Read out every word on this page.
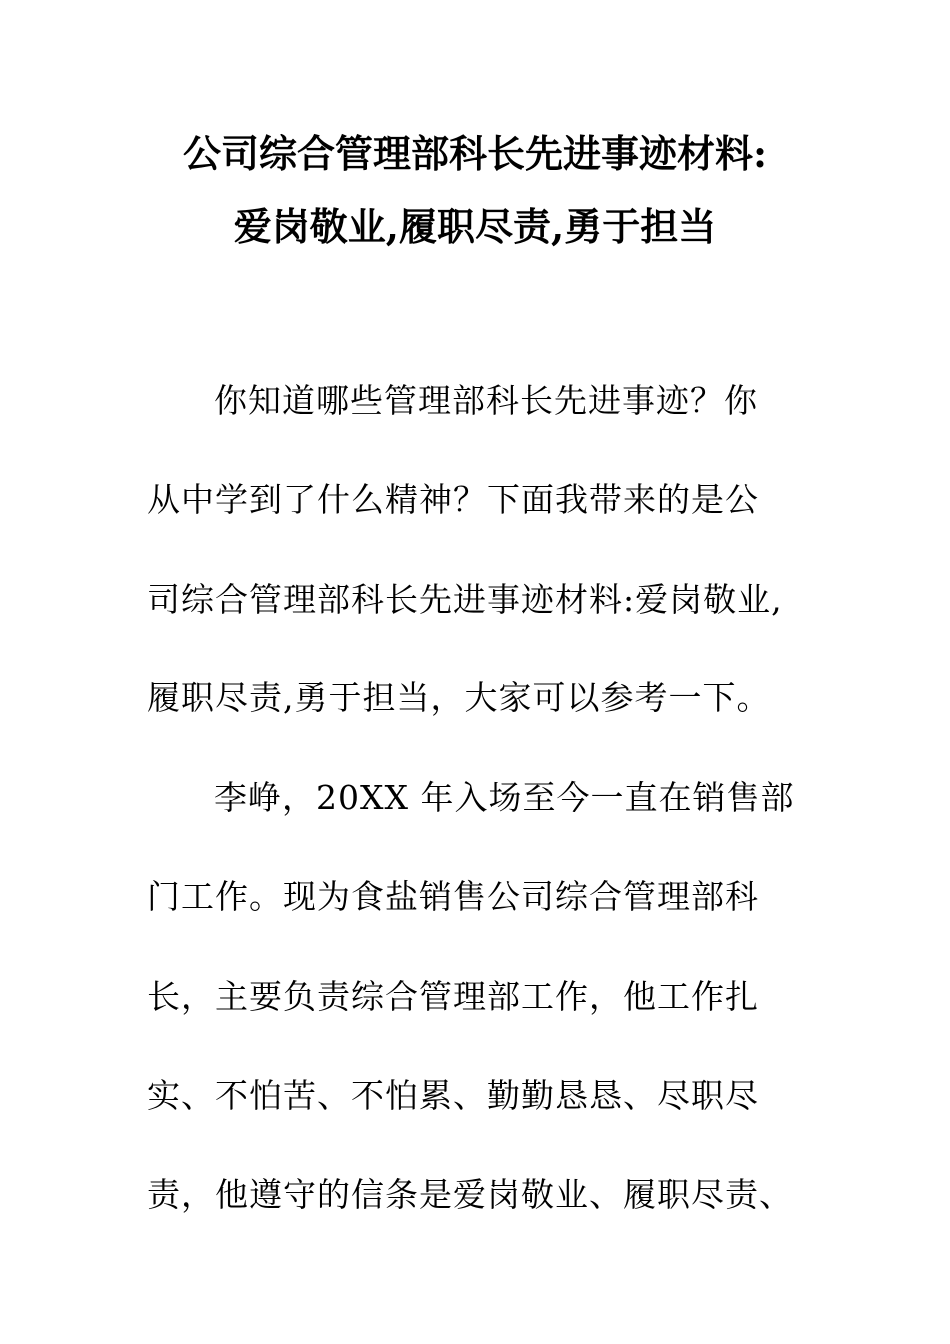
公司综合管理部科长先进事迹材料:
爱岗敬业,履职尽责,勇于担当
你知道哪些管理部科长先进事迹？你
从中学到了什么精神？下面我带来的是公
司综合管理部科长先进事迹材料:爱岗敬业,
履职尽责,勇于担当，大家可以参考一下。
李峥，20XX 年入场至今一直在销售部
门工作。现为食盐销售公司综合管理部科
长，主要负责综合管理部工作，他工作扎
实、不怕苦、不怕累、勤勤恳恳、尽职尽
责，他遵守的信条是爱岗敬业、履职尽责、
